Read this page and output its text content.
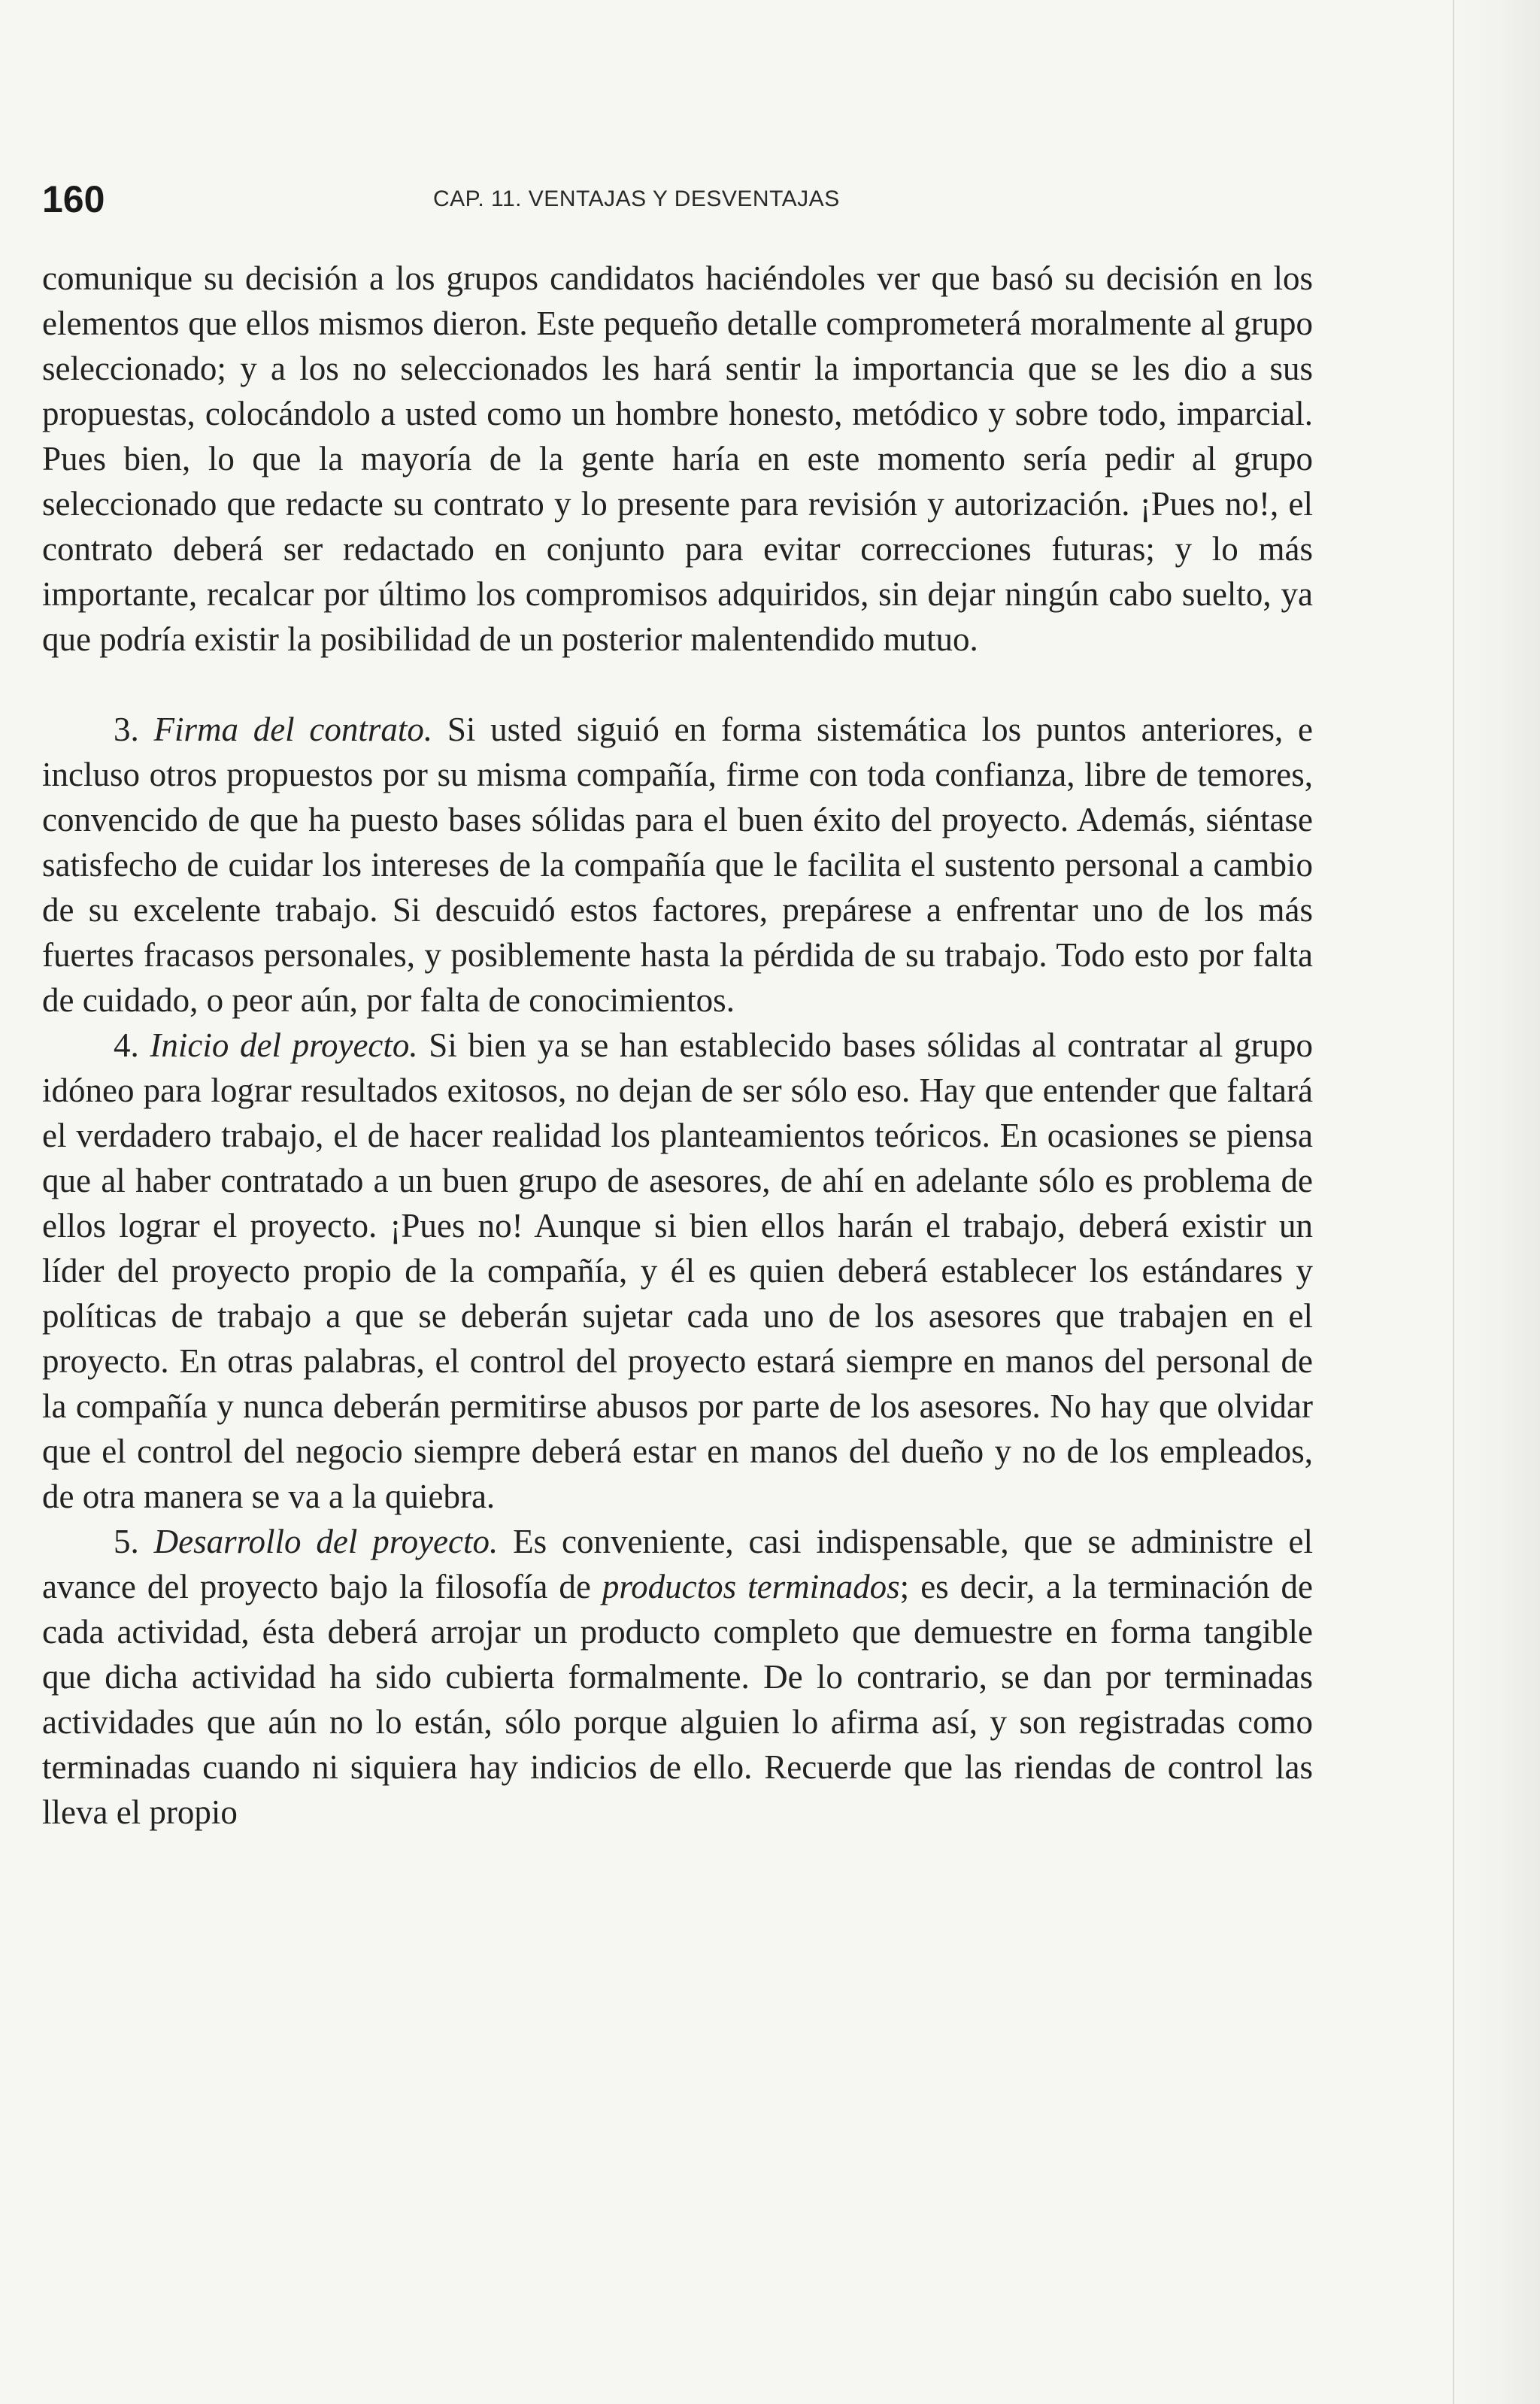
160	CAP. 11. VENTAJAS Y DESVENTAJAS

comunique su decisión a los grupos candidatos haciéndoles ver que basó su decisión en los elementos que ellos mismos dieron. Este pequeño detalle comprometerá moralmente al grupo seleccionado; y a los no seleccionados les hará sentir la importancia que se les dio a sus propuestas, colocándolo a usted como un hombre honesto, metódico y sobre todo, imparcial. Pues bien, lo que la mayoría de la gente haría en este momento sería pedir al grupo seleccionado que redacte su contrato y lo presente para revisión y autorización. ¡Pues no!, el contrato deberá ser redactado en conjunto para evitar correcciones futuras; y lo más importante, recalcar por último los compromisos adquiridos, sin dejar ningún cabo suelto, ya que podría existir la posibilidad de un posterior malentendido mutuo.

3. Firma del contrato. Si usted siguió en forma sistemática los puntos anteriores, e incluso otros propuestos por su misma compañía, firme con toda confianza, libre de temores, convencido de que ha puesto bases sólidas para el buen éxito del proyecto. Además, siéntase satisfecho de cuidar los intereses de la compañía que le facilita el sustento personal a cambio de su excelente trabajo. Si descuidó estos factores, prepárese a enfrentar uno de los más fuertes fracasos personales, y posiblemente hasta la pérdida de su trabajo. Todo esto por falta de cuidado, o peor aún, por falta de conocimientos.

4. Inicio del proyecto. Si bien ya se han establecido bases sólidas al contratar al grupo idóneo para lograr resultados exitosos, no dejan de ser sólo eso. Hay que entender que faltará el verdadero trabajo, el de hacer realidad los planteamientos teóricos. En ocasiones se piensa que al haber contratado a un buen grupo de asesores, de ahí en adelante sólo es problema de ellos lograr el proyecto. ¡Pues no! Aunque si bien ellos harán el trabajo, deberá existir un líder del proyecto propio de la compañía, y él es quien deberá establecer los estándares y políticas de trabajo a que se deberán sujetar cada uno de los asesores que trabajen en el proyecto. En otras palabras, el control del proyecto estará siempre en manos del personal de la compañía y nunca deberán permitirse abusos por parte de los asesores. No hay que olvidar que el control del negocio siempre deberá estar en manos del dueño y no de los empleados, de otra manera se va a la quiebra.

5. Desarrollo del proyecto. Es conveniente, casi indispensable, que se administre el avance del proyecto bajo la filosofía de productos terminados; es decir, a la terminación de cada actividad, ésta deberá arrojar un producto completo que demuestre en forma tangible que dicha actividad ha sido cubierta formalmente. De lo contrario, se dan por terminadas actividades que aún no lo están, sólo porque alguien lo afirma así, y son registradas como terminadas cuando ni siquiera hay indicios de ello. Recuerde que las riendas de control las lleva el propio
